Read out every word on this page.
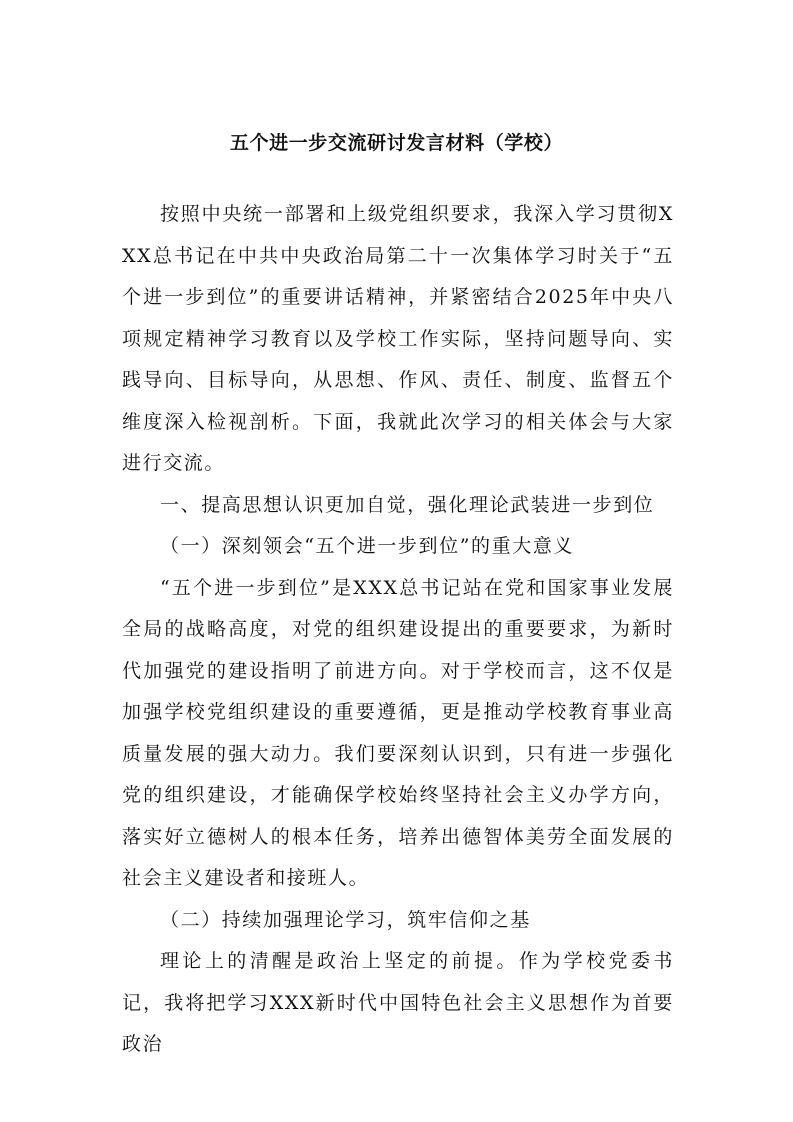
五个进一步交流研讨发言材料（学校）

按照中央统一部署和上级党组织要求，我深入学习贯彻XXX总书记在中共中央政治局第二十一次集体学习时关于“五个进一步到位”的重要讲话精神，并紧密结合2025年中央八项规定精神学习教育以及学校工作实际，坚持问题导向、实践导向、目标导向，从思想、作风、责任、制度、监督五个维度深入检视剖析。下面，我就此次学习的相关体会与大家进行交流。

一、提高思想认识更加自觉，强化理论武装进一步到位

（一）深刻领会“五个进一步到位”的重大意义

“五个进一步到位”是XXX总书记站在党和国家事业发展全局的战略高度，对党的组织建设提出的重要要求，为新时代加强党的建设指明了前进方向。对于学校而言，这不仅是加强学校党组织建设的重要遵循，更是推动学校教育事业高质量发展的强大动力。我们要深刻认识到，只有进一步强化党的组织建设，才能确保学校始终坚持社会主义办学方向，落实好立德树人的根本任务，培养出德智体美劳全面发展的社会主义建设者和接班人。

（二）持续加强理论学习，筑牢信仰之基

理论上的清醒是政治上坚定的前提。作为学校党委书记，我将把学习XXX新时代中国特色社会主义思想作为首要政治
